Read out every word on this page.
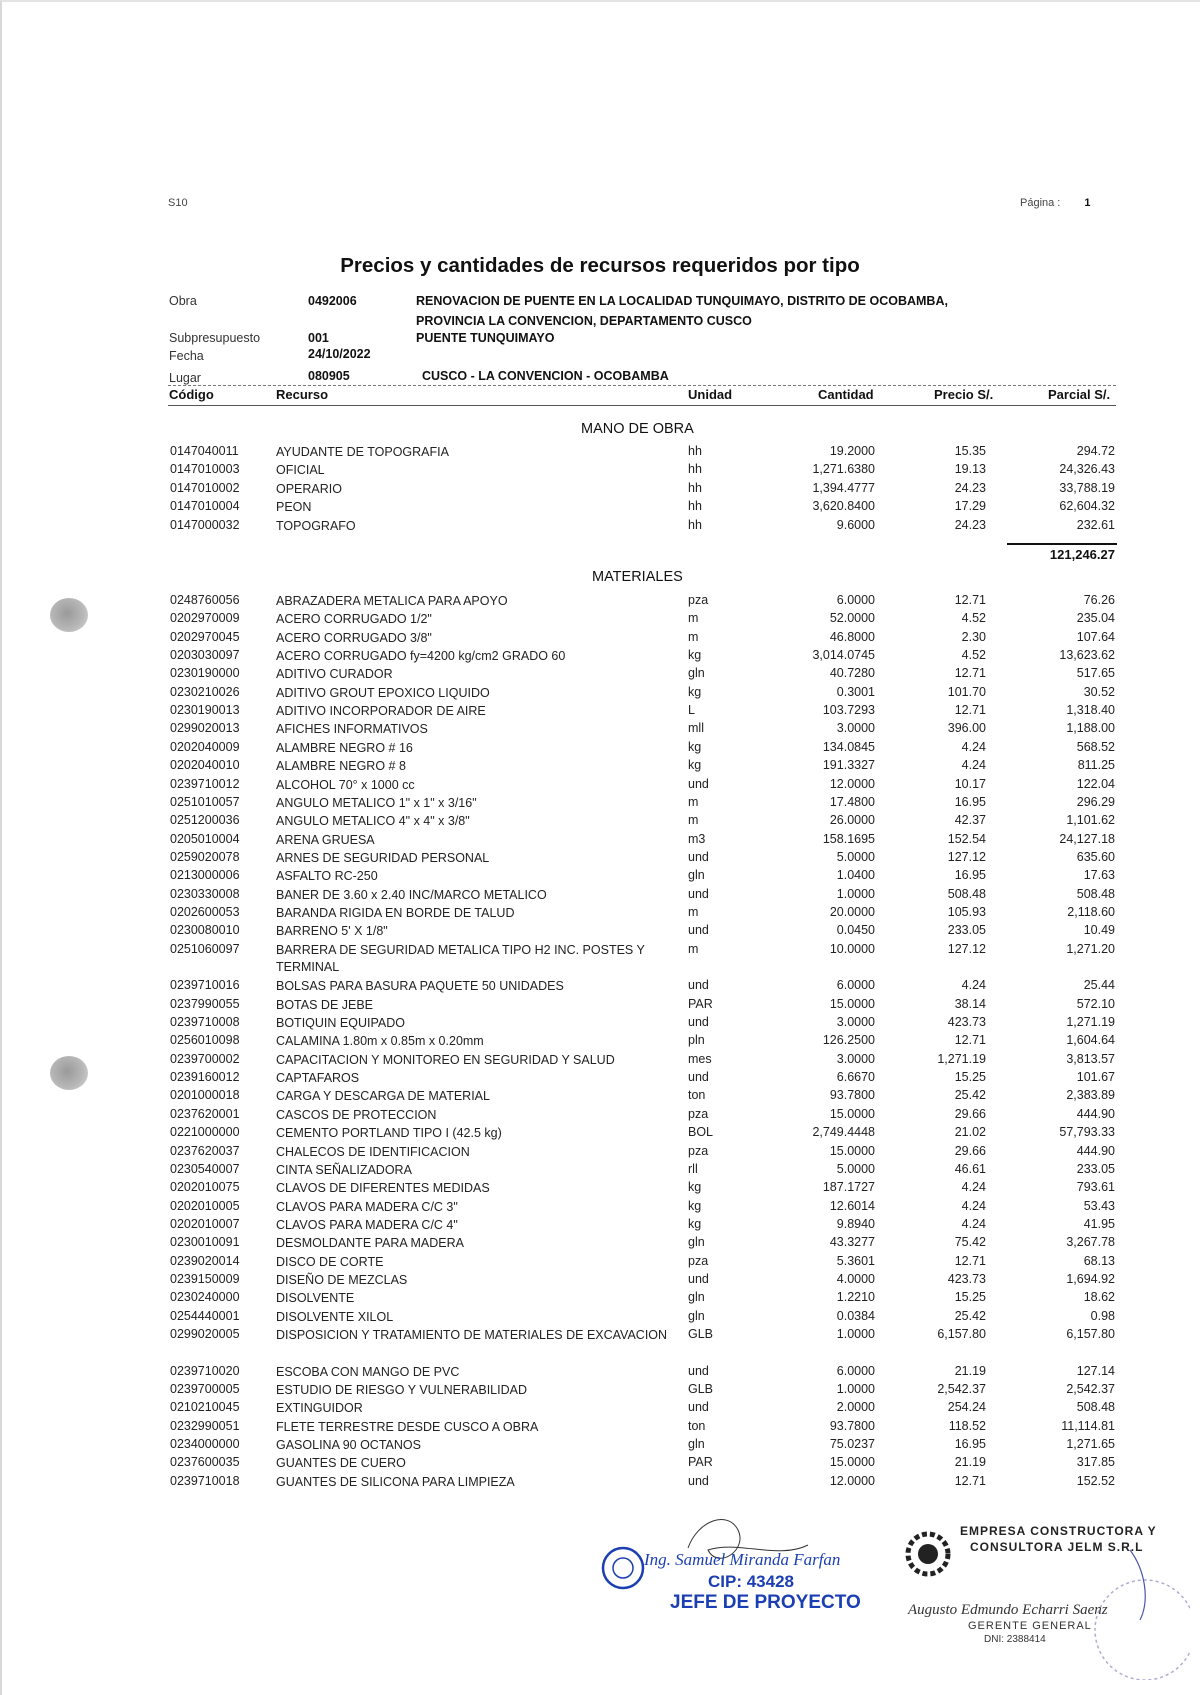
S10	Página : 1
Precios y cantidades de recursos requeridos por tipo
Obra	0492006	RENOVACION DE PUENTE EN LA LOCALIDAD TUNQUIMAYO, DISTRITO DE OCOBAMBA,
PROVINCIA LA CONVENCION, DEPARTAMENTO CUSCO
Subpresupuesto	001	PUENTE TUNQUIMAYO
Fecha	24/10/2022
Lugar	080905	CUSCO - LA CONVENCION - OCOBAMBA
Código	Recurso	Unidad	Cantidad	Precio S/.	Parcial S/.
MANO DE OBRA
0147040011	AYUDANTE DE TOPOGRAFIA	hh	19.2000	15.35	294.72
0147010003	OFICIAL	hh	1,271.6380	19.13	24,326.43
0147010002	OPERARIO	hh	1,394.4777	24.23	33,788.19
0147010004	PEON	hh	3,620.8400	17.29	62,604.32
0147000032	TOPOGRAFO	hh	9.6000	24.23	232.61
121,246.27
MATERIALES
0248760056	ABRAZADERA METALICA PARA APOYO	pza	6.0000	12.71	76.26
0202970009	ACERO CORRUGADO 1/2"	m	52.0000	4.52	235.04
0202970045	ACERO CORRUGADO 3/8"	m	46.8000	2.30	107.64
0203030097	ACERO CORRUGADO fy=4200 kg/cm2 GRADO 60	kg	3,014.0745	4.52	13,623.62
0230190000	ADITIVO CURADOR	gln	40.7280	12.71	517.65
0230210026	ADITIVO GROUT EPOXICO LIQUIDO	kg	0.3001	101.70	30.52
0230190013	ADITIVO INCORPORADOR DE AIRE	L	103.7293	12.71	1,318.40
0299020013	AFICHES INFORMATIVOS	mll	3.0000	396.00	1,188.00
0202040009	ALAMBRE NEGRO # 16	kg	134.0845	4.24	568.52
0202040010	ALAMBRE NEGRO # 8	kg	191.3327	4.24	811.25
0239710012	ALCOHOL 70° x 1000 cc	und	12.0000	10.17	122.04
0251010057	ANGULO METALICO 1" x 1" x 3/16"	m	17.4800	16.95	296.29
0251200036	ANGULO METALICO 4" x 4" x 3/8"	m	26.0000	42.37	1,101.62
0205010004	ARENA GRUESA	m3	158.1695	152.54	24,127.18
0259020078	ARNES DE SEGURIDAD PERSONAL	und	5.0000	127.12	635.60
0213000006	ASFALTO RC-250	gln	1.0400	16.95	17.63
0230330008	BANER DE 3.60 x 2.40 INC/MARCO METALICO	und	1.0000	508.48	508.48
0202600053	BARANDA RIGIDA EN BORDE DE TALUD	m	20.0000	105.93	2,118.60
0230080010	BARRENO 5' X 1/8"	und	0.0450	233.05	10.49
0251060097	BARRERA DE SEGURIDAD METALICA TIPO H2 INC. POSTES Y TERMINAL
m	10.0000	127.12	1,271.20
0239710016	BOLSAS PARA BASURA PAQUETE 50 UNIDADES	und	6.0000	4.24	25.44
0237990055	BOTAS DE JEBE	PAR	15.0000	38.14	572.10
0239710008	BOTIQUIN EQUIPADO	und	3.0000	423.73	1,271.19
0256010098	CALAMINA 1.80m x 0.85m x 0.20mm	pln	126.2500	12.71	1,604.64
0239700002	CAPACITACION Y MONITOREO EN SEGURIDAD Y SALUD	mes	3.0000	1,271.19	3,813.57
0239160012	CAPTAFAROS	und	6.6670	15.25	101.67
0201000018	CARGA Y DESCARGA DE MATERIAL	ton	93.7800	25.42	2,383.89
0237620001	CASCOS DE PROTECCION	pza	15.0000	29.66	444.90
0221000000	CEMENTO PORTLAND TIPO I (42.5 kg)	BOL	2,749.4448	21.02	57,793.33
0237620037	CHALECOS DE IDENTIFICACION	pza	15.0000	29.66	444.90
0230540007	CINTA SEÑALIZADORA	rll	5.0000	46.61	233.05
0202010075	CLAVOS DE DIFERENTES MEDIDAS	kg	187.1727	4.24	793.61
0202010005	CLAVOS PARA MADERA C/C 3"	kg	12.6014	4.24	53.43
0202010007	CLAVOS PARA MADERA C/C 4"	kg	9.8940	4.24	41.95
0230010091	DESMOLDANTE PARA MADERA	gln	43.3277	75.42	3,267.78
0239020014	DISCO DE CORTE	pza	5.3601	12.71	68.13
0239150009	DISEÑO DE MEZCLAS	und	4.0000	423.73	1,694.92
0230240000	DISOLVENTE	gln	1.2210	15.25	18.62
0254440001	DISOLVENTE XILOL	gln	0.0384	25.42	0.98
0299020005	DISPOSICION Y TRATAMIENTO DE MATERIALES DE EXCAVACION	GLB	1.0000	6,157.80	6,157.80
0239710020	ESCOBA CON MANGO DE PVC	und	6.0000	21.19	127.14
0239700005	ESTUDIO DE RIESGO Y VULNERABILIDAD	GLB	1.0000	2,542.37	2,542.37
0210210045	EXTINGUIDOR	und	2.0000	254.24	508.48
0232990051	FLETE TERRESTRE DESDE CUSCO A OBRA	ton	93.7800	118.52	11,114.81
0234000000	GASOLINA 90 OCTANOS	gln	75.0237	16.95	1,271.65
0237600035	GUANTES DE CUERO	PAR	15.0000	21.19	317.85
0239710018	GUANTES DE SILICONA PARA LIMPIEZA	und	12.0000	12.71	152.52
Ing. Samuel Miranda Farfan
CIP: 43428
JEFE DE PROYECTO
EMPRESA CONSTRUCTORA Y
CONSULTORA JELM S.R.L
Augusto Edmundo Echarri Saenz
GERENTE GENERAL
DNI: 2388414
